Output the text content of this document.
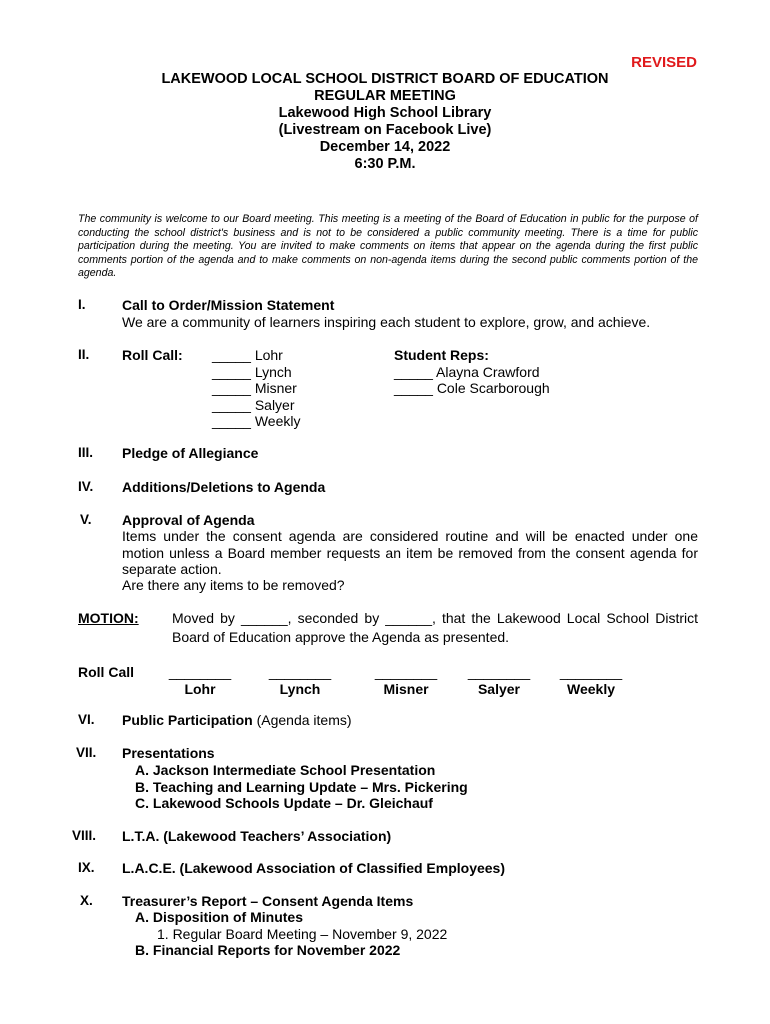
REVISED
LAKEWOOD LOCAL SCHOOL DISTRICT BOARD OF EDUCATION
REGULAR MEETING
Lakewood High School Library
(Livestream on Facebook Live)
December 14, 2022
6:30 P.M.
The community is welcome to our Board meeting. This meeting is a meeting of the Board of Education in public for the purpose of conducting the school district's business and is not to be considered a public community meeting. There is a time for public participation during the meeting. You are invited to make comments on items that appear on the agenda during the first public comments portion of the agenda and to make comments on non-agenda items during the second public comments portion of the agenda.
I.	Call to Order/Mission Statement
We are a community of learners inspiring each student to explore, grow, and achieve.
II. Roll Call: _____ Lohr
_____ Lynch
_____ Misner
_____ Salyer
_____ Weekly
Student Reps:
_____ Alayna Crawford
_____ Cole Scarborough
III. Pledge of Allegiance
IV. Additions/Deletions to Agenda
V. Approval of Agenda
Items under the consent agenda are considered routine and will be enacted under one motion unless a Board member requests an item be removed from the consent agenda for separate action.
Are there any items to be removed?
MOTION: Moved by ______, seconded by ______, that the Lakewood Local School District
Board of Education approve the Agenda as presented.
Roll Call ________
Lohr
________
Lynch
________
Misner
________
Salyer
________
Weekly
VI. Public Participation (Agenda items)
VII. Presentations
A. Jackson Intermediate School Presentation
B. Teaching and Learning Update – Mrs. Pickering
C. Lakewood Schools Update – Dr. Gleichauf
VIII. L.T.A. (Lakewood Teachers’ Association)
IX. L.A.C.E. (Lakewood Association of Classified Employees)
X. Treasurer’s Report – Consent Agenda Items
A. Disposition of Minutes
1. Regular Board Meeting – November 9, 2022
B. Financial Reports for November 2022
